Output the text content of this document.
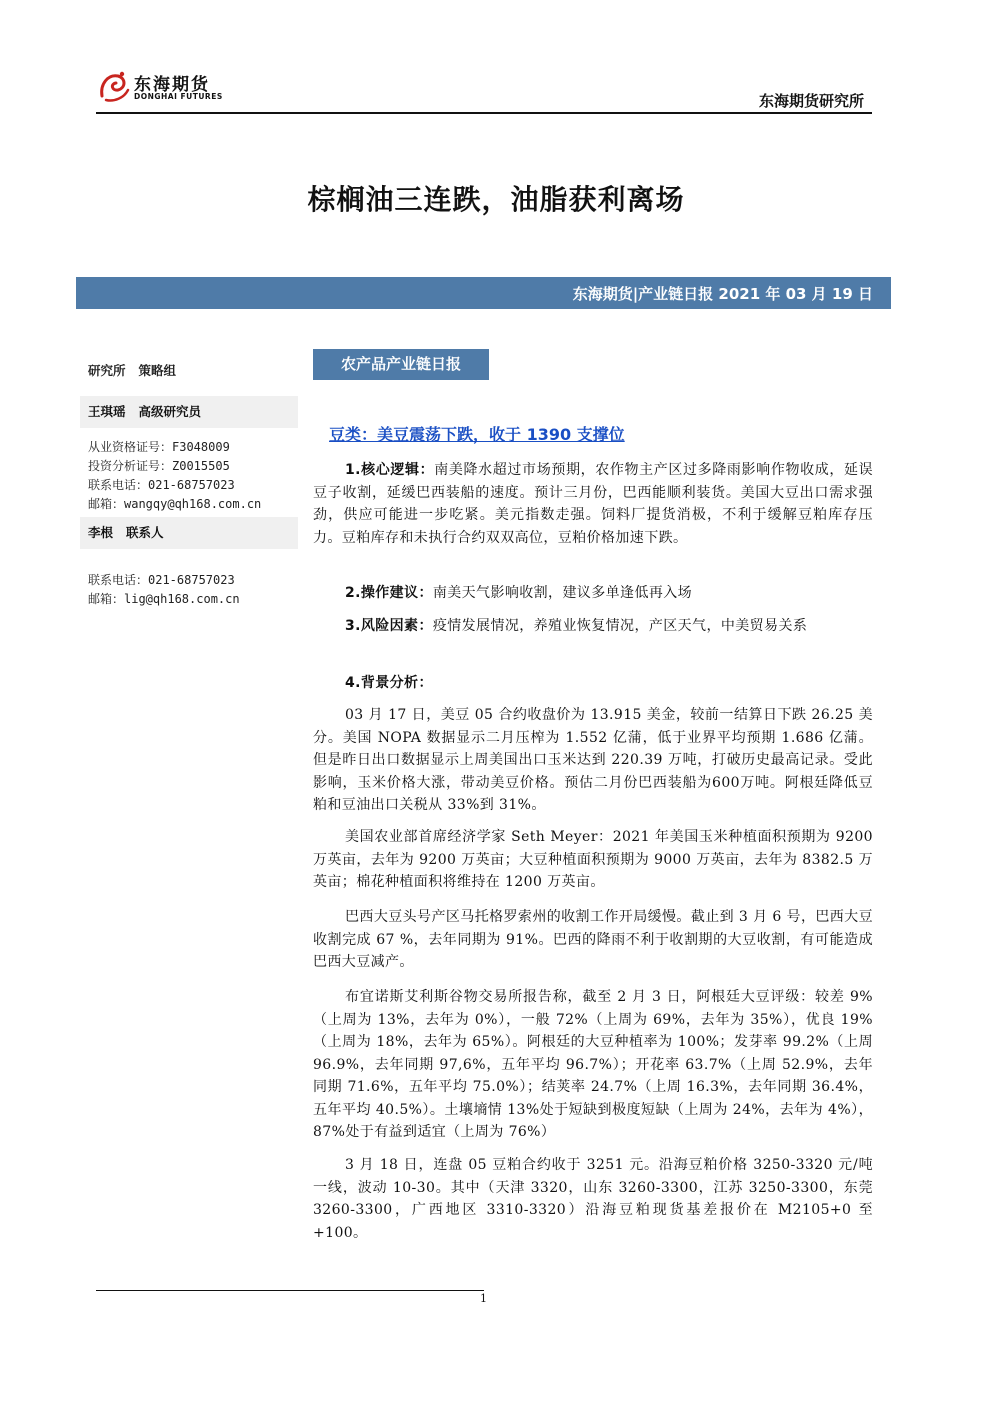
东海期货
DONGHAI FUTURES	东海期货研究所
棕榈油三连跌，油脂获利离场
东海期货|产业链日报 2021 年 03 月 19 日
研究所   策略组
王琪瑶   高级研究员
从业资格证号：F3048009
投资分析证号：Z0015505
联系电话：021-68757023
邮箱：wangqy@qh168.com.cn
李根   联系人
联系电话：021-68757023
邮箱：lig@qh168.com.cn
农产品产业链日报
豆类：美豆震荡下跌，收于 1390 支撑位
1.核心逻辑：南美降水超过市场预期，农作物主产区过多降雨影响作物收成，延误豆子收割，延缓巴西装船的速度。预计三月份，巴西能顺利装货。美国大豆出口需求强劲，供应可能进一步吃紧。美元指数走强。饲料厂提货消极，不利于缓解豆粕库存压力。豆粕库存和未执行合约双双高位，豆粕价格加速下跌。
2.操作建议：南美天气影响收割，建议多单逢低再入场
3.风险因素：疫情发展情况，养殖业恢复情况，产区天气，中美贸易关系
4.背景分析：
03 月 17 日，美豆 05 合约收盘价为 13.915 美金，较前一结算日下跌 26.25 美分。美国 NOPA 数据显示二月压榨为 1.552 亿蒲，低于业界平均预期 1.686 亿蒲。但是昨日出口数据显示上周美国出口玉米达到 220.39 万吨，打破历史最高记录。受此影响，玉米价格大涨，带动美豆价格。预估二月份巴西装船为600万吨。阿根廷降低豆粕和豆油出口关税从 33%到 31%。
美国农业部首席经济学家 Seth Meyer：2021 年美国玉米种植面积预期为 9200 万英亩，去年为 9200 万英亩；大豆种植面积预期为 9000 万英亩，去年为 8382.5 万英亩；棉花种植面积将维持在 1200 万英亩。
巴西大豆头号产区马托格罗索州的收割工作开局缓慢。截止到 3 月 6 号，巴西大豆收割完成 67 %，去年同期为 91%。巴西的降雨不利于收割期的大豆收割，有可能造成巴西大豆减产。
布宜诺斯艾利斯谷物交易所报告称，截至 2 月 3 日，阿根廷大豆评级：较差 9%（上周为 13%，去年为 0%），一般 72%（上周为 69%，去年为 35%），优良 19%（上周为 18%，去年为 65%）。阿根廷的大豆种植率为 100%；发芽率 99.2%（上周 96.9%，去年同期 97,6%，五年平均 96.7%）；开花率 63.7%（上周 52.9%，去年同期 71.6%，五年平均 75.0%）；结荚率 24.7%（上周 16.3%，去年同期 36.4%，五年平均 40.5%）。土壤墒情 13%处于短缺到极度短缺（上周为 24%，去年为 4%），87%处于有益到适宜（上周为 76%）
3 月 18 日，连盘 05 豆粕合约收于 3251 元。沿海豆粕价格 3250-3320 元/吨一线，波动 10-30。其中（天津 3320，山东 3260-3300，江苏 3250-3300，东莞 3260-3300，广西地区 3310-3320）沿海豆粕现货基差报价在 M2105+0 至+100。
1
